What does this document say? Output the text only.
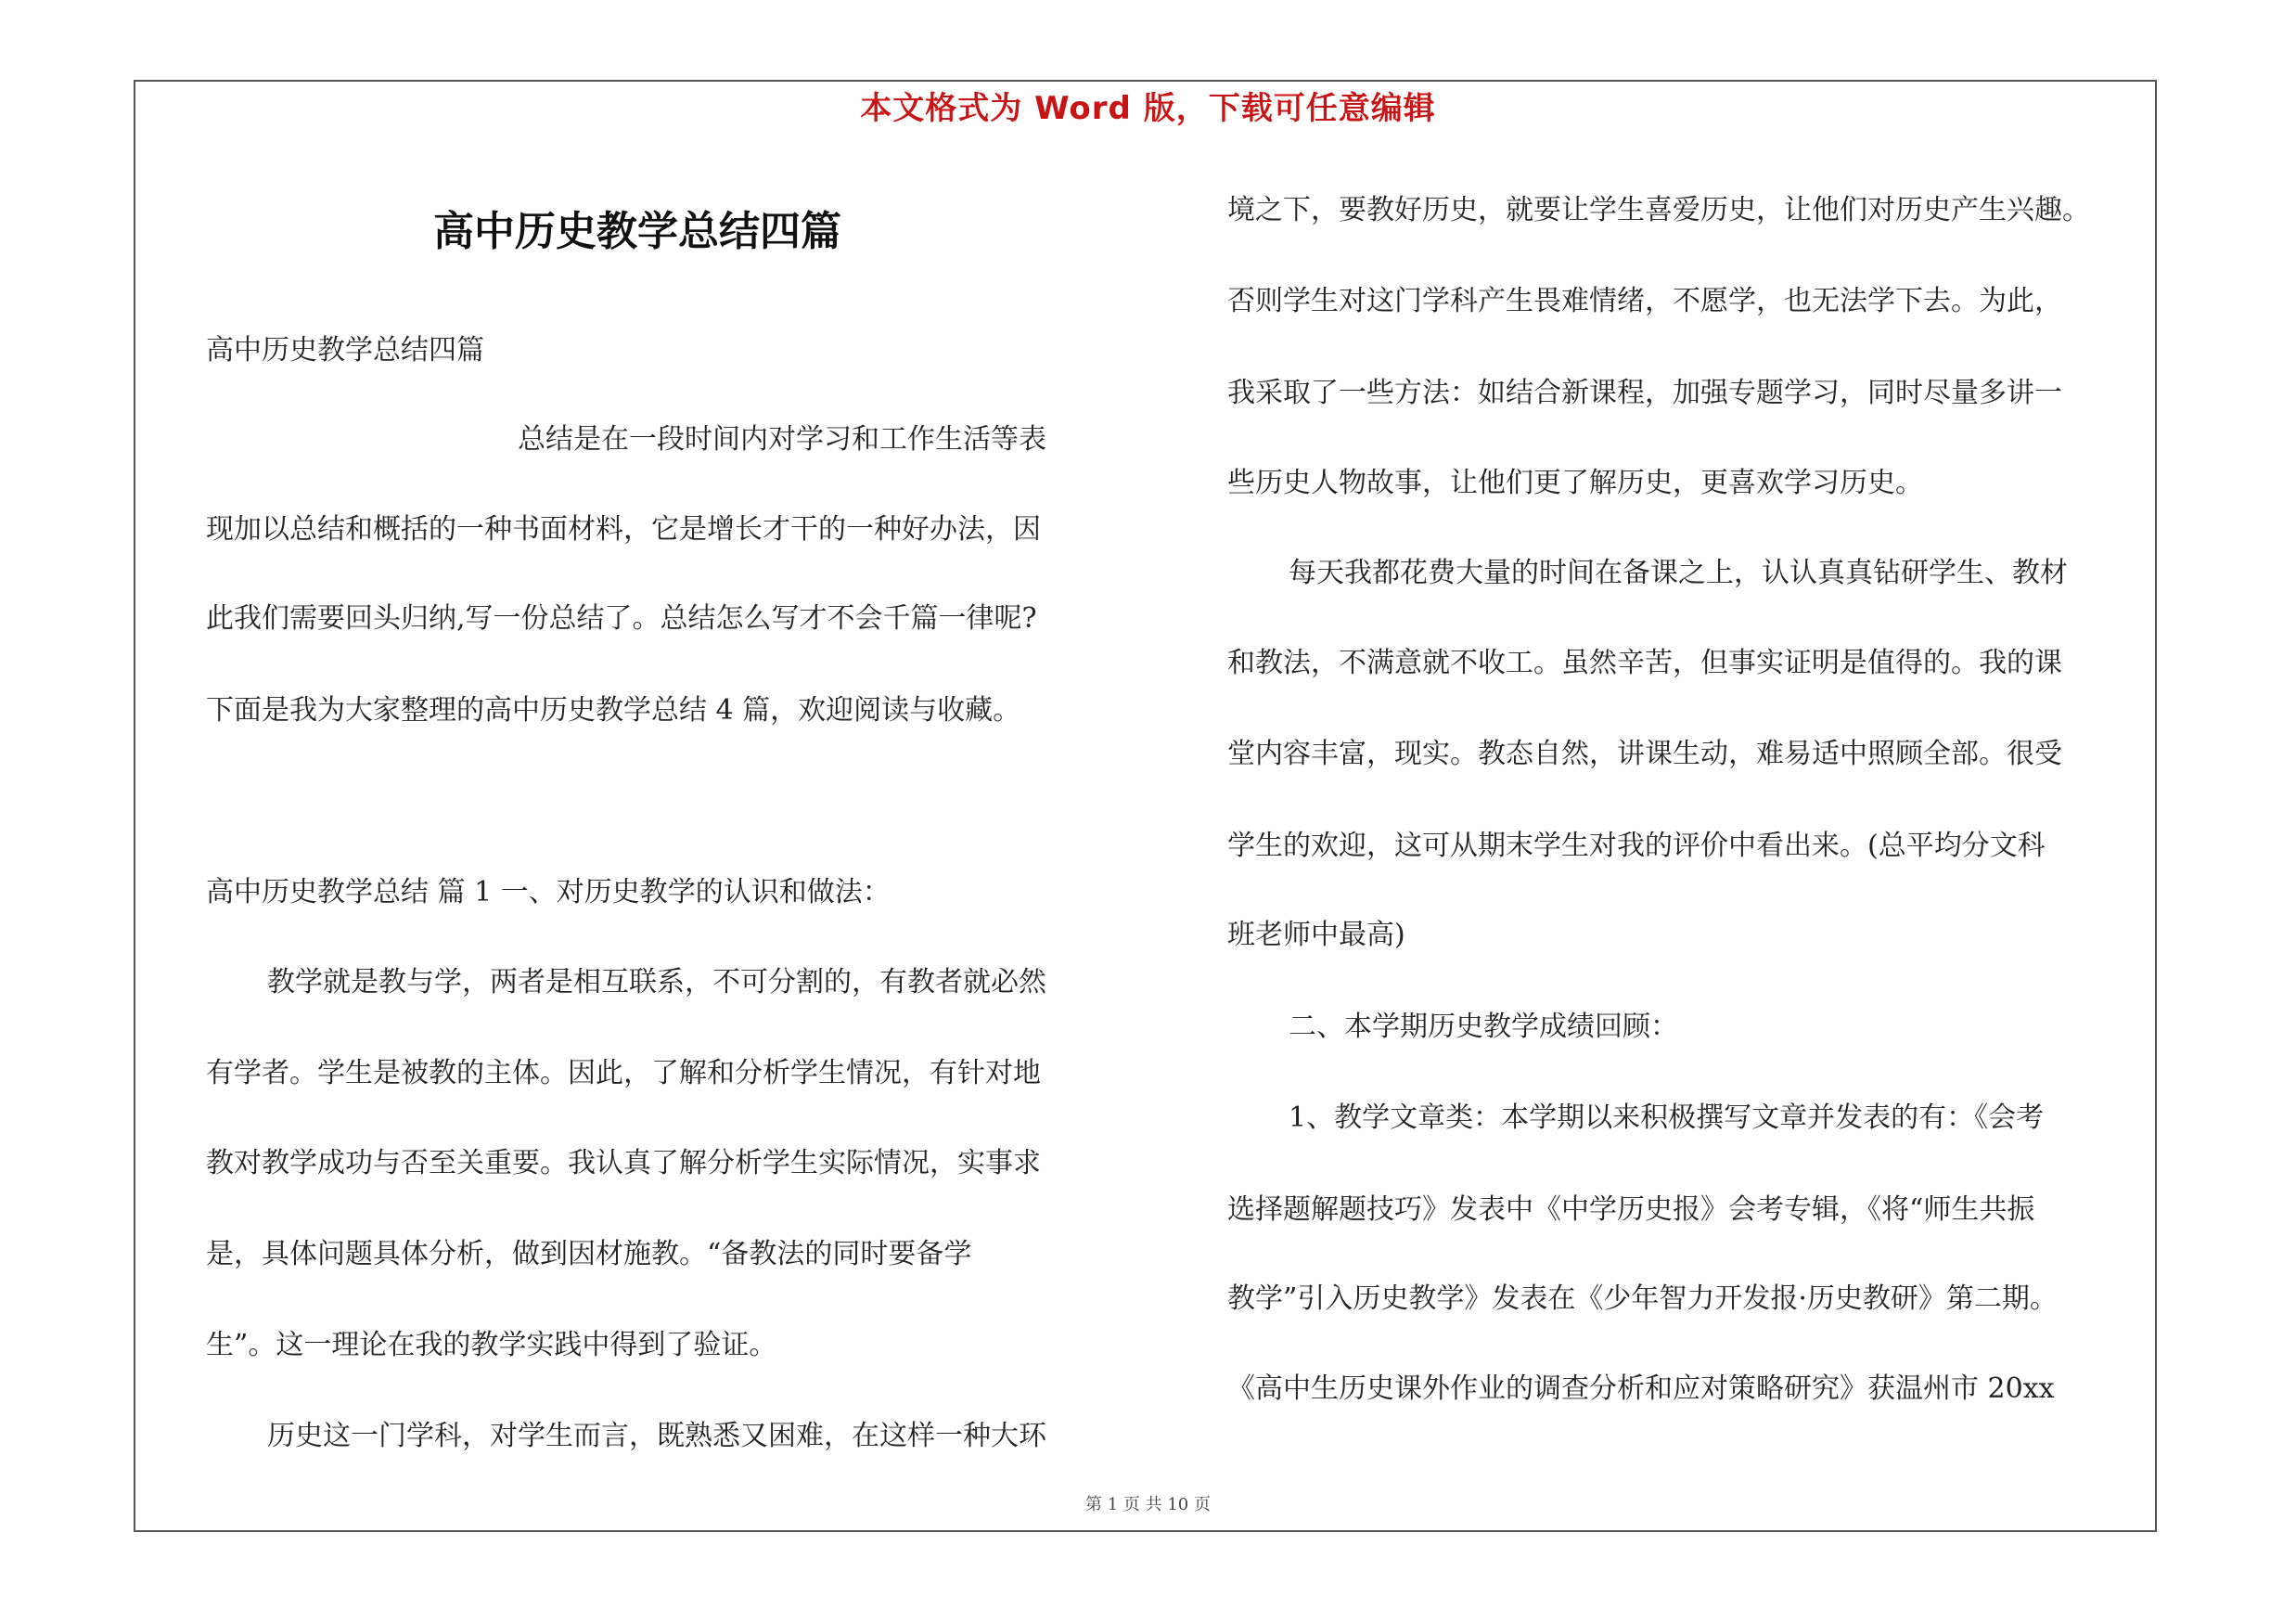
本文格式为 Word 版，下载可任意编辑
高中历史教学总结四篇
高中历史教学总结四篇
总结是在一段时间内对学习和工作生活等表
现加以总结和概括的一种书面材料，它是增长才干的一种好办法，因
此我们需要回头归纳,写一份总结了。总结怎么写才不会千篇一律呢?
下面是我为大家整理的高中历史教学总结 4 篇，欢迎阅读与收藏。
高中历史教学总结 篇 1 一、对历史教学的认识和做法：
教学就是教与学，两者是相互联系，不可分割的，有教者就必然
有学者。学生是被教的主体。因此，了解和分析学生情况，有针对地
教对教学成功与否至关重要。我认真了解分析学生实际情况，实事求
是，具体问题具体分析，做到因材施教。“备教法的同时要备学
生”。这一理论在我的教学实践中得到了验证。
历史这一门学科，对学生而言，既熟悉又困难，在这样一种大环
境之下，要教好历史，就要让学生喜爱历史，让他们对历史产生兴趣。
否则学生对这门学科产生畏难情绪，不愿学，也无法学下去。为此，
我采取了一些方法：如结合新课程，加强专题学习，同时尽量多讲一
些历史人物故事，让他们更了解历史，更喜欢学习历史。
每天我都花费大量的时间在备课之上，认认真真钻研学生、教材
和教法，不满意就不收工。虽然辛苦，但事实证明是值得的。我的课
堂内容丰富，现实。教态自然，讲课生动，难易适中照顾全部。很受
学生的欢迎，这可从期末学生对我的评价中看出来。(总平均分文科
班老师中最高)
二、本学期历史教学成绩回顾：
1、教学文章类：本学期以来积极撰写文章并发表的有：《会考
选择题解题技巧》发表中《中学历史报》会考专辑，《将“师生共振
教学”引入历史教学》发表在《少年智力开发报·历史教研》第二期。
《高中生历史课外作业的调查分析和应对策略研究》获温州市 20xx
第 1 页 共 10 页
